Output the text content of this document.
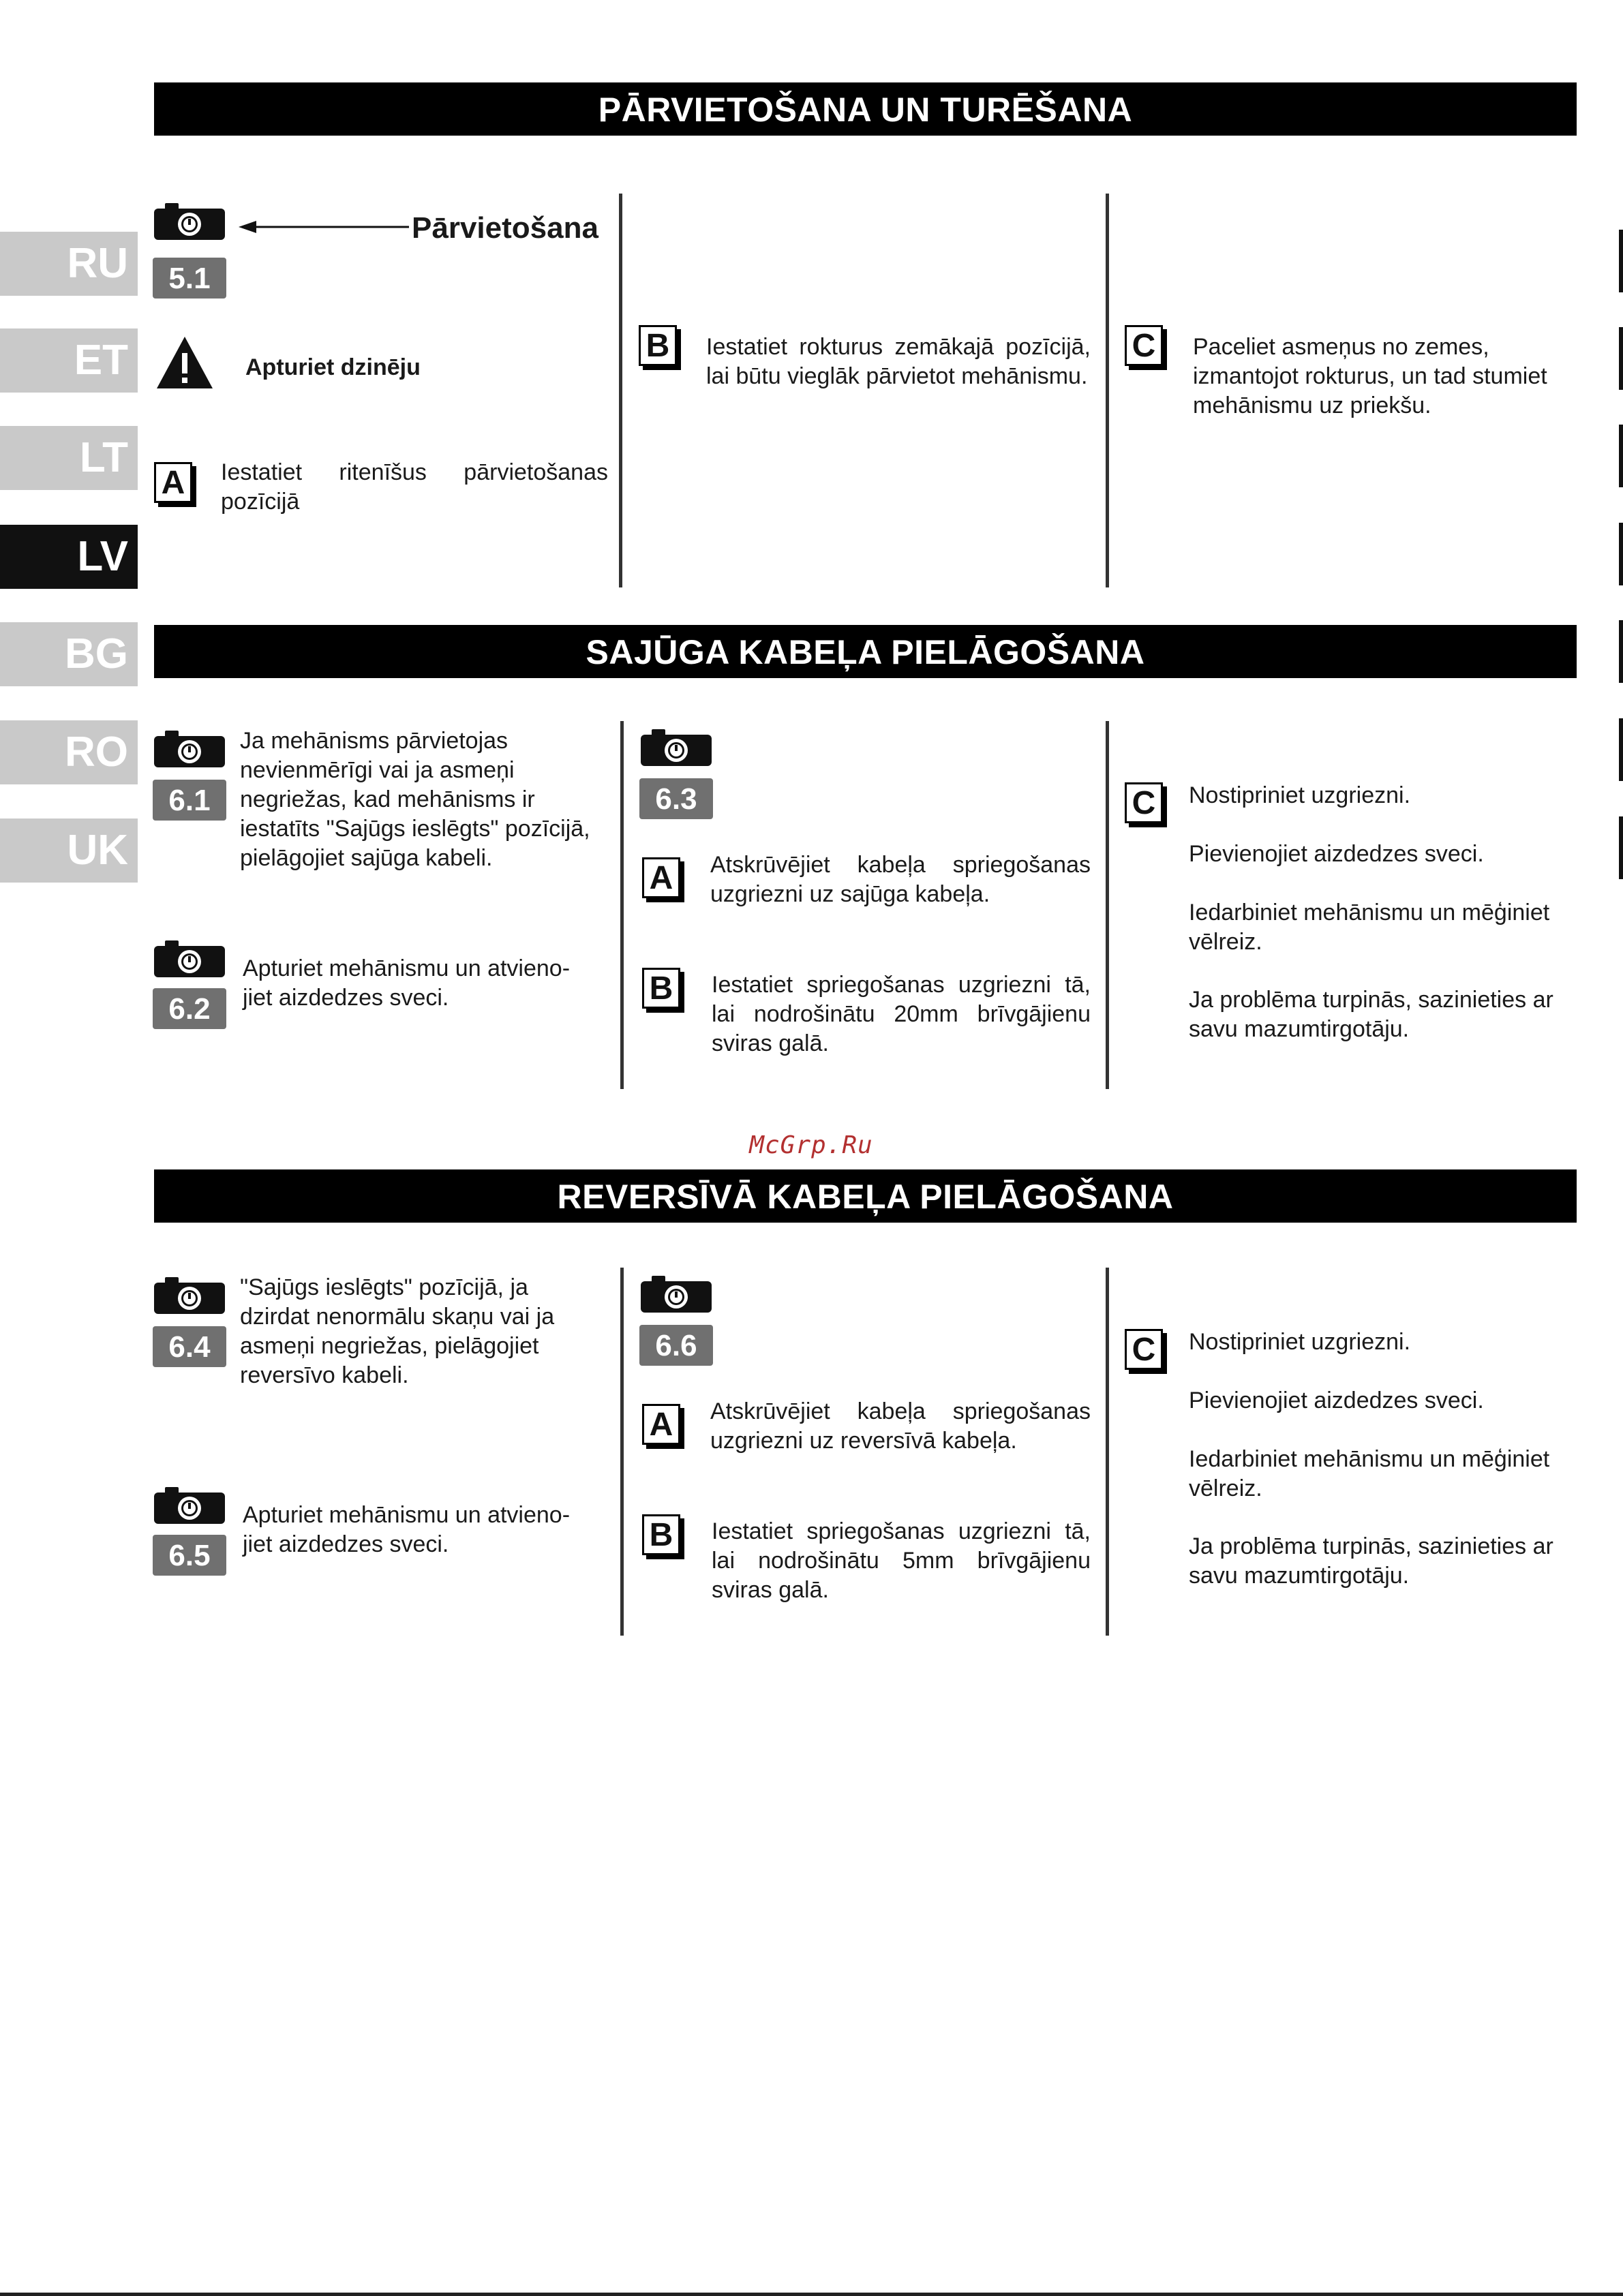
RU
ET
LT
LV
BG
RO
UK
PĀRVIETOŠANA UN TURĒŠANA
5.1
Pārvietošana
Apturiet dzinēju
A	Iestatiet ritenīšus pārvietošanas pozīcijā
B	Iestatiet rokturus zemākajā pozīcijā, lai būtu vieglāk pārvietot mehānismu.
C	Paceliet asmeņus no zemes, izmantojot rokturus, un tad stumiet mehānismu uz priekšu.
SAJŪGA KABEĻA PIELĀGOŠANA
6.1
Ja mehānisms pārvietojas nevienmērīgi vai ja asmeņi negriežas, kad mehānisms ir iestatīts "Sajūgs ieslēgts" pozīcijā, pielāgojiet sajūga kabeli.
6.2
Apturiet mehānismu un atvieno-jiet aizdedzes sveci.
6.3
A	Atskrūvējiet kabeļa spriegošanas uzgriezni uz sajūga kabeļa.
B	Iestatiet spriegošanas uzgriezni tā, lai nodrošinātu 20mm brīvgājienu sviras galā.
C	Nostipriniet uzgriezni.
Pievienojiet aizdedzes sveci.
Iedarbiniet mehānismu un mēģiniet vēlreiz.
Ja problēma turpinās, sazinieties ar savu mazumtirgotāju.
McGrp.Ru
REVERSĪVĀ KABEĻA PIELĀGOŠANA
6.4
"Sajūgs ieslēgts" pozīcijā, ja dzirdat nenormālu skaņu vai ja asmeņi negriežas, pielāgojiet reversīvo kabeli.
6.5
Apturiet mehānismu un atvieno-jiet aizdedzes sveci.
6.6
A	Atskrūvējiet kabeļa spriegošanas uzgriezni uz reversīvā kabeļa.
B	Iestatiet spriegošanas uzgriezni tā, lai nodrošinātu 5mm brīvgājienu sviras galā.
C	Nostipriniet uzgriezni.
Pievienojiet aizdedzes sveci.
Iedarbiniet mehānismu un mēģiniet vēlreiz.
Ja problēma turpinās, sazinieties ar savu mazumtirgotāju.
